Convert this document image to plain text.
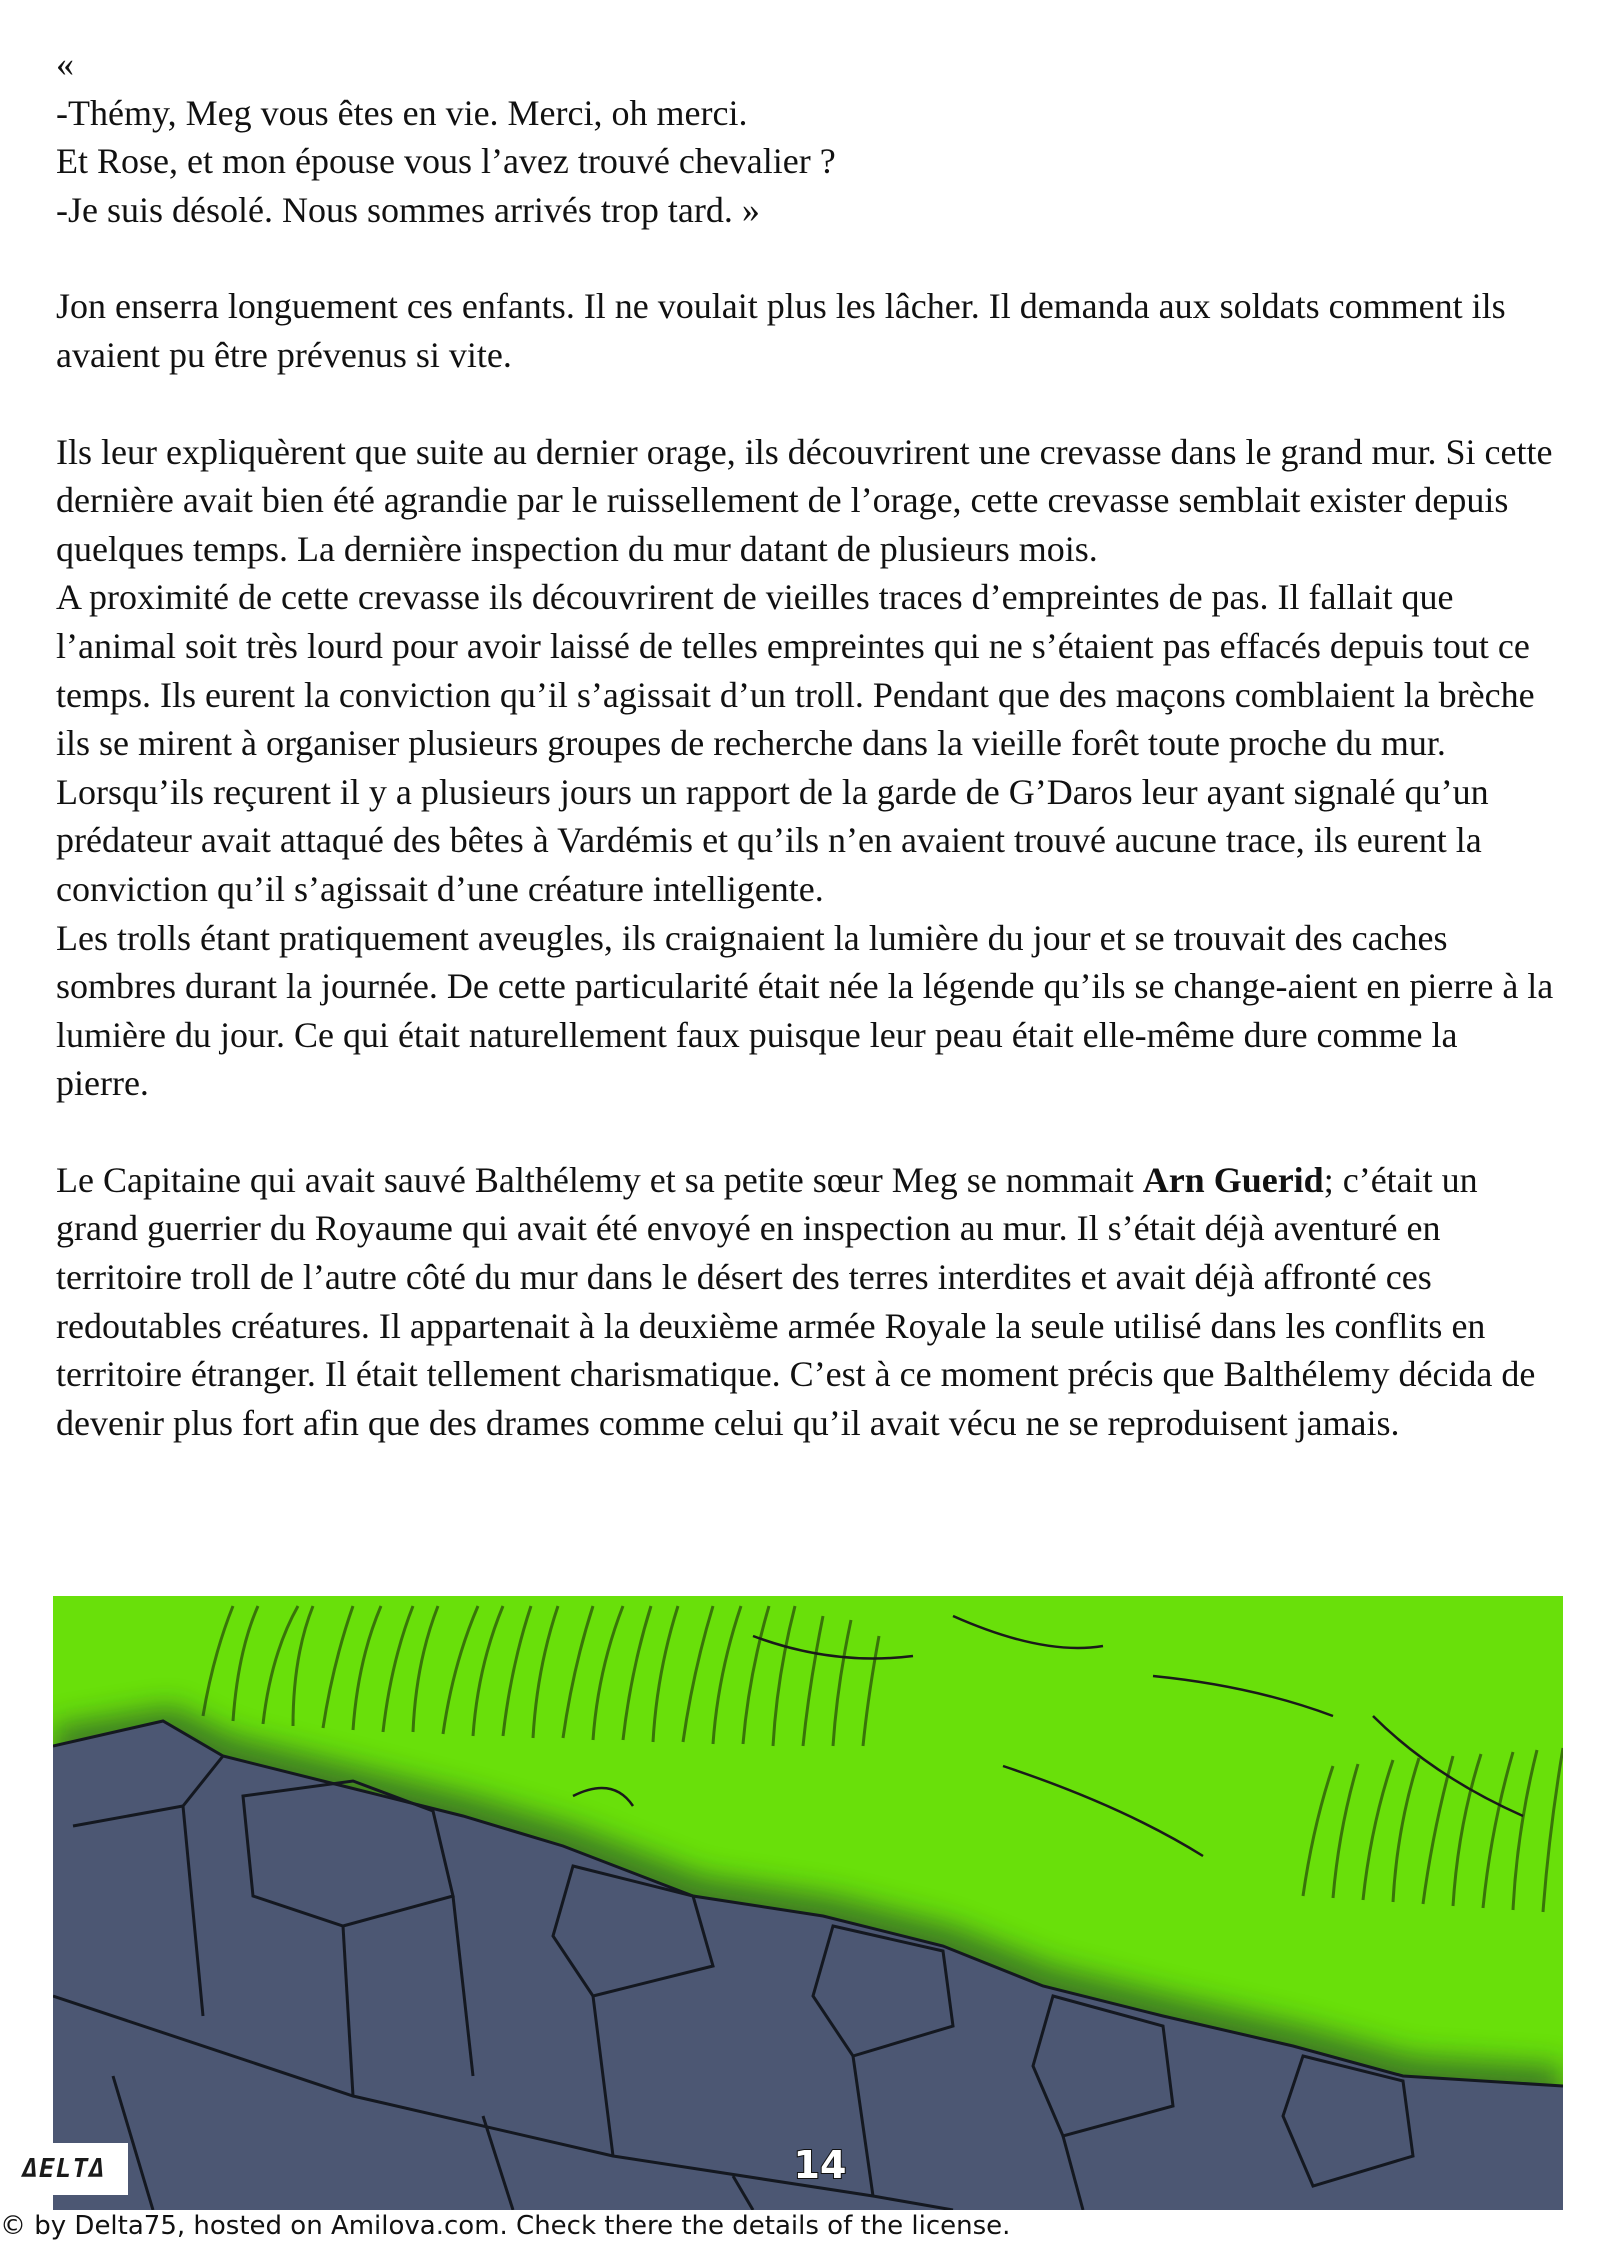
«

-Thémy, Meg vous êtes en vie. Merci, oh merci.

Et Rose, et mon épouse vous l’avez trouvé chevalier ?

-Je suis désolé. Nous sommes arrivés trop tard. »

Jon enserra longuement ces enfants. Il ne voulait plus les lâcher. Il demanda aux soldats comment ils avaient pu être prévenus si vite.

Ils leur expliquèrent que suite au dernier orage, ils découvrirent une crevasse dans le grand mur. Si cette dernière avait bien été agrandie par le ruissellement de l’orage, cette crevasse semblait exister depuis quelques temps. La dernière inspection du mur datant de plusieurs mois.

A proximité de cette crevasse ils découvrirent de vieilles traces d’empreintes de pas. Il fallait que l’animal soit très lourd pour avoir laissé de telles empreintes qui ne s’étaient pas effacés depuis tout ce temps. Ils eurent la conviction qu’il s’agissait d’un troll. Pendant que des maçons comblaient la brèche ils se mirent à organiser plusieurs groupes de recherche dans la vieille forêt toute proche du mur. Lorsqu’ils reçurent il y a plusieurs jours un rapport de la garde de G’Daros leur ayant signalé qu’un prédateur avait attaqué des bêtes à Vardémis et qu’ils n’en avaient trouvé aucune trace, ils eurent la conviction qu’il s’agissait d’une créature intelligente.

Les trolls étant pratiquement aveugles, ils craignaient la lumière du jour et se trouvait des caches sombres durant la journée. De cette particularité était née la légende qu’ils se change-aient en pierre à la lumière du jour. Ce qui était naturellement faux puisque leur peau était elle-même dure comme la pierre.

Le Capitaine qui avait sauvé Balthélemy et sa petite sœur Meg se nommait Arn Guerid; c’était un grand guerrier du Royaume qui avait été envoyé en inspection au mur. Il s’était déjà aventuré en territoire troll de l’autre côté du mur dans le désert des terres interdites et avait déjà affronté ces redoutables créatures. Il appartenait à la deuxième armée Royale la seule utilisé dans les conflits en territoire étranger. Il était tellement charismatique. C’est à ce moment précis que Balthélemy décida de devenir plus fort afin que des drames comme celui qu’il avait vécu ne se reproduisent jamais.

ΔELTΔ	14
© by Delta75, hosted on Amilova.com. Check there the details of the license.
